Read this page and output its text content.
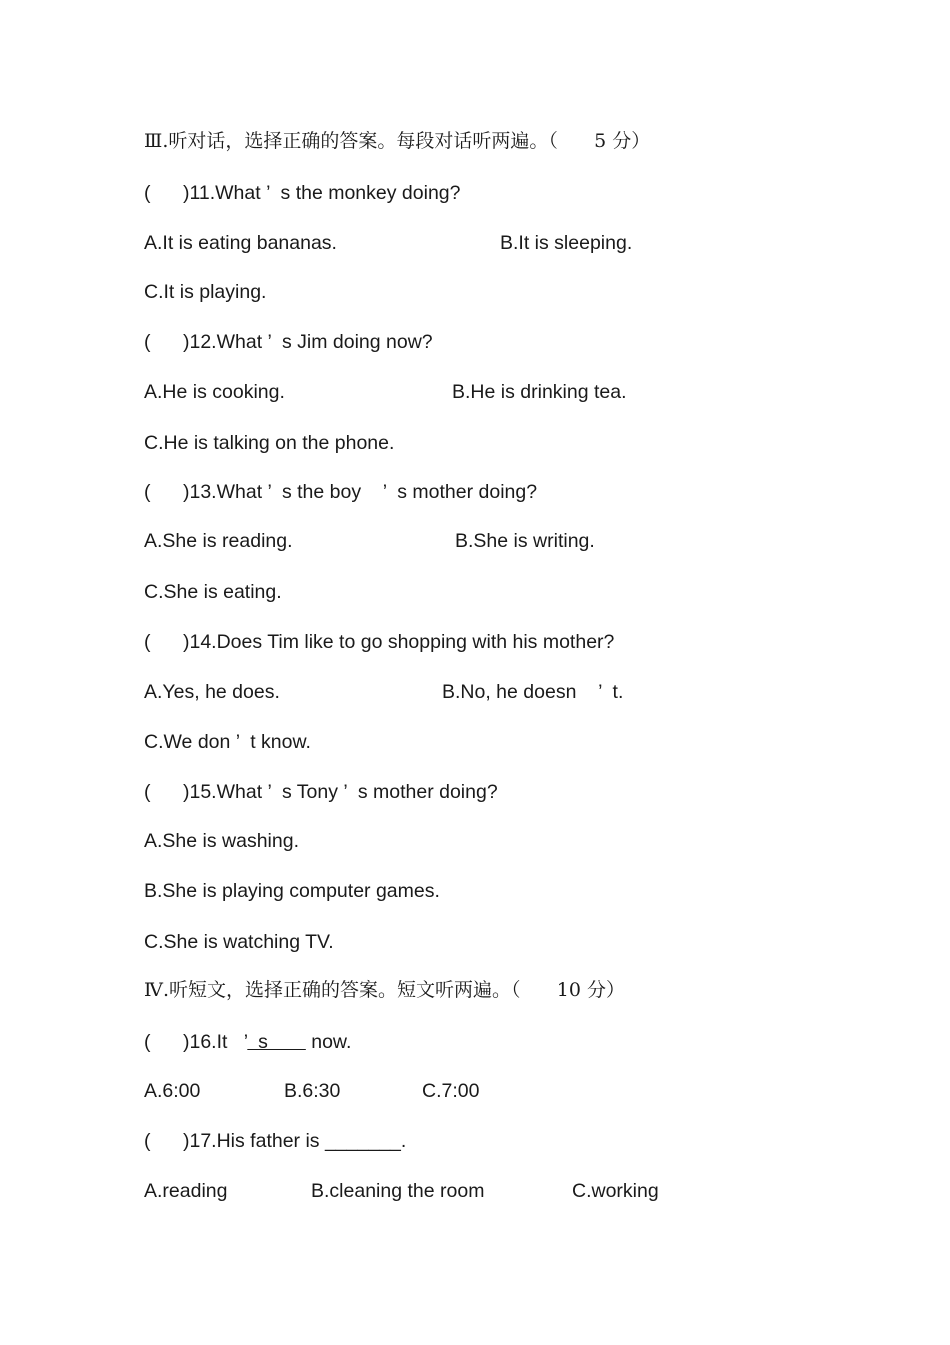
Ⅲ.听对话，选择正确的答案。每段对话听两遍。（      5 分）
(      )11.What ’  s the monkey doing?
A.It is eating bananas.	B.It is sleeping.
C.It is playing.
(      )12.What ’  s Jim doing now?
A.He is cooking.	B.He is drinking tea.
C.He is talking on the phone.
(      )13.What ’  s the boy    ’  s mother doing?
A.She is reading.	B.She is writing.
C.She is eating.
(      )14.Does Tim like to go shopping with his mother?
A.Yes, he does.	B.No, he doesn    ’  t.
C.We don ’  t know.
(      )15.What ’  s Tony ’  s mother doing?
A.She is washing.
B.She is playing computer games.
C.She is watching TV.
Ⅳ.听短文，选择正确的答案。短文听两遍。（      10 分）
(      )16.It   ’  s        now.
A.6:00	B.6:30	C.7:00
(      )17.His father is _______.
A.reading	B.cleaning the room	C.working
